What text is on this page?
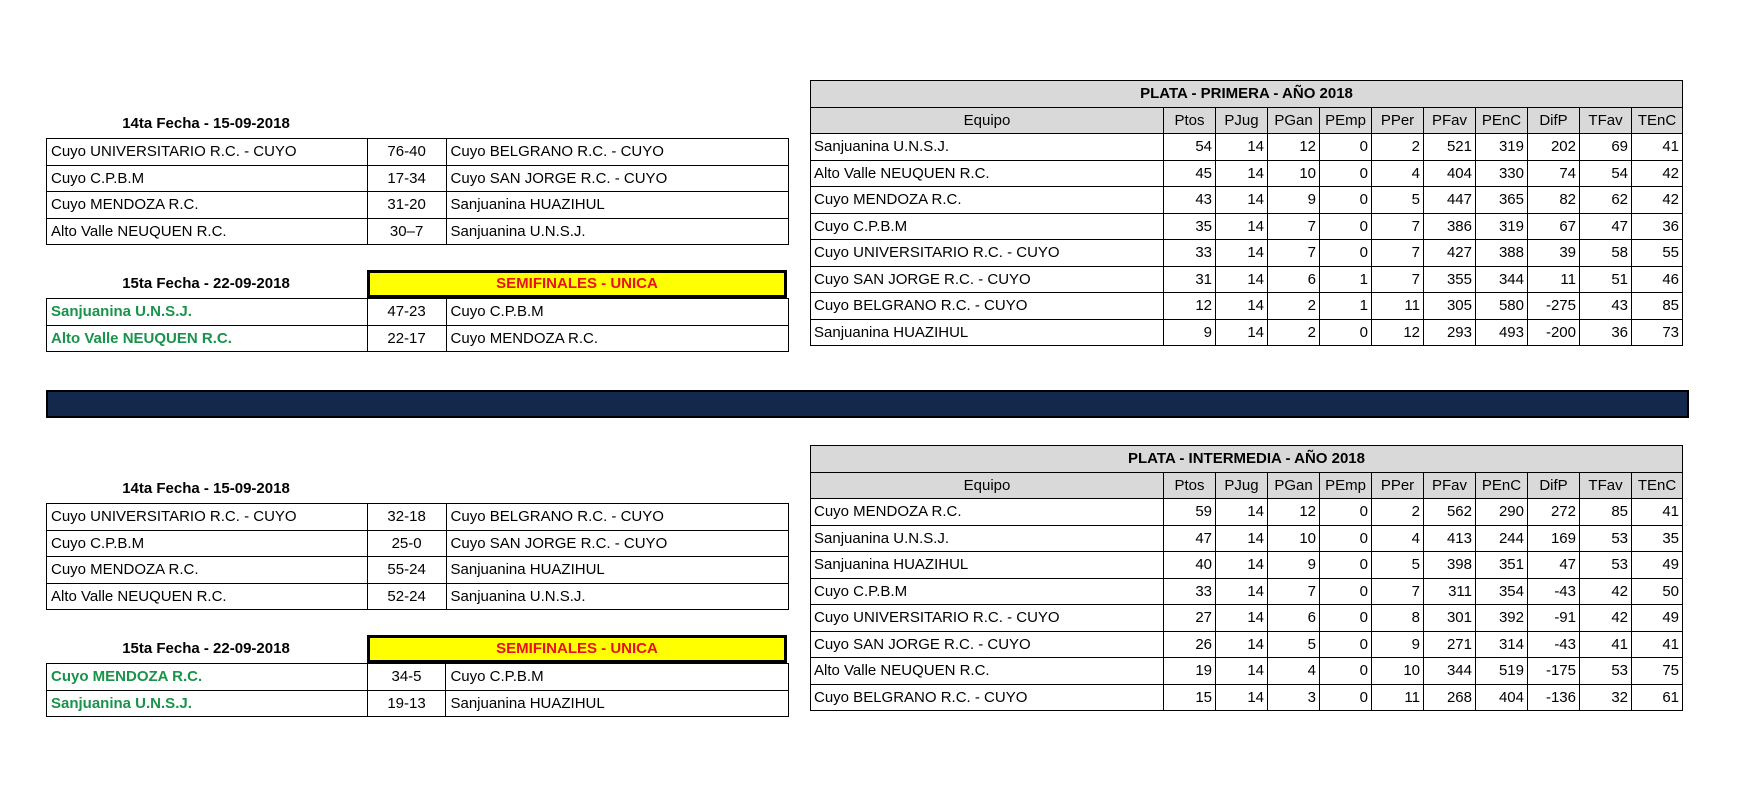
14ta Fecha - 15-09-2018
Cuyo UNIVERSITARIO R.C. - CUYO	76-40	Cuyo BELGRANO R.C. - CUYO
Cuyo C.P.B.M	17-34	Cuyo SAN JORGE R.C. - CUYO
Cuyo MENDOZA R.C.	31-20	Sanjuanina HUAZIHUL
Alto Valle NEUQUEN R.C.	30–7	Sanjuanina U.N.S.J.
15ta Fecha - 22-09-2018	SEMIFINALES - UNICA
Sanjuanina U.N.S.J.	47-23	Cuyo C.P.B.M
Alto Valle NEUQUEN R.C.	22-17	Cuyo MENDOZA R.C.
PLATA - PRIMERA - AÑO 2018										
Equipo	Ptos	PJug	PGan	PEmp	PPer	PFav	PEnC	DifP	TFav	TEnC
Sanjuanina U.N.S.J.	54	14	12	0	2	521	319	202	69	41
Alto Valle NEUQUEN R.C.	45	14	10	0	4	404	330	74	54	42
Cuyo MENDOZA R.C.	43	14	9	0	5	447	365	82	62	42
Cuyo C.P.B.M	35	14	7	0	7	386	319	67	47	36
Cuyo UNIVERSITARIO R.C. - CUYO	33	14	7	0	7	427	388	39	58	55
Cuyo SAN JORGE R.C. - CUYO	31	14	6	1	7	355	344	11	51	46
Cuyo BELGRANO R.C. - CUYO	12	14	2	1	11	305	580	-275	43	85
Sanjuanina HUAZIHUL	9	14	2	0	12	293	493	-200	36	73
14ta Fecha - 15-09-2018
Cuyo UNIVERSITARIO R.C. - CUYO	32-18	Cuyo BELGRANO R.C. - CUYO
Cuyo C.P.B.M	25-0	Cuyo SAN JORGE R.C. - CUYO
Cuyo MENDOZA R.C.	55-24	Sanjuanina HUAZIHUL
Alto Valle NEUQUEN R.C.	52-24	Sanjuanina U.N.S.J.
15ta Fecha - 22-09-2018	SEMIFINALES - UNICA
Cuyo MENDOZA R.C.	34-5	Cuyo C.P.B.M
Sanjuanina U.N.S.J.	19-13	Sanjuanina HUAZIHUL
PLATA - INTERMEDIA - AÑO 2018										
Equipo	Ptos	PJug	PGan	PEmp	PPer	PFav	PEnC	DifP	TFav	TEnC
Cuyo MENDOZA R.C.	59	14	12	0	2	562	290	272	85	41
Sanjuanina U.N.S.J.	47	14	10	0	4	413	244	169	53	35
Sanjuanina HUAZIHUL	40	14	9	0	5	398	351	47	53	49
Cuyo C.P.B.M	33	14	7	0	7	311	354	-43	42	50
Cuyo UNIVERSITARIO R.C. - CUYO	27	14	6	0	8	301	392	-91	42	49
Cuyo SAN JORGE R.C. - CUYO	26	14	5	0	9	271	314	-43	41	41
Alto Valle NEUQUEN R.C.	19	14	4	0	10	344	519	-175	53	75
Cuyo BELGRANO R.C. - CUYO	15	14	3	0	11	268	404	-136	32	61
